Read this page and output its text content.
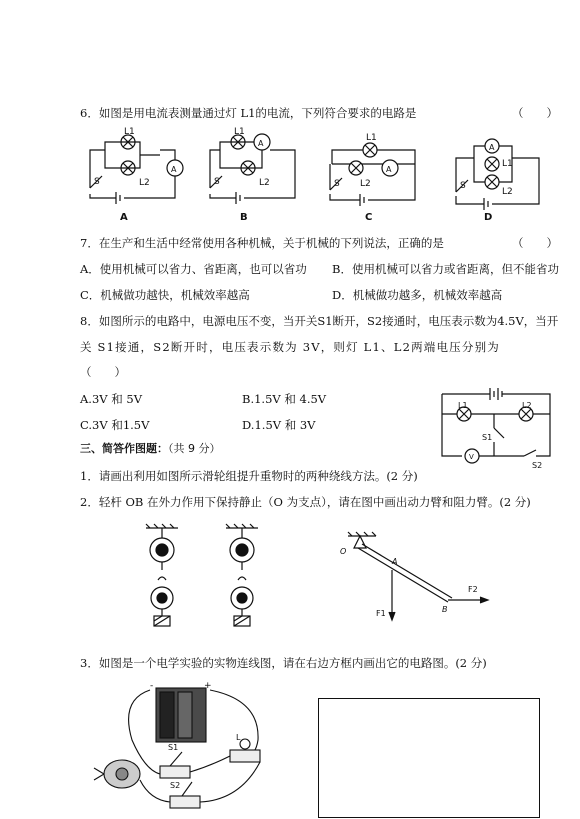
6．如图是用电流表测量通过灯 L1的电流，下列符合要求的电路是	（　　）
L1
L2
S
A
A
L1
L2
S
A
B
L1
L2
S
A
C
A
L1
L2
S
D
7．在生产和生活中经常使用各种机械，关于机械的下列说法，正确的是	（　　）
A．使用机械可以省力、省距离，也可以省功 B．使用机械可以省力或省距离，但不能省功
C．机械做功越快，机械效率越高	D．机械做功越多，机械效率越高
8．如图所示的电路中，电源电压不变，当开关S1断开，S2接通时，电压表示数为4.5V，当开
关 S1接通，S2断开时，电压表示数为 3V，则灯 L1、L2两端电压分别为
（　　）
A.3V 和 5V	B.1.5V 和 4.5V
C.3V 和1.5V	D.1.5V 和 3V
L1	L2
S1
S2
V
三、简答作图题：（共 9 分）
1．请画出利用如图所示滑轮组提升重物时的两种绕线方法。(2 分)
2．轻杆 OB 在外力作用下保持静止（O 为支点），请在图中画出动力臂和阻力臂。(2 分)
O
A
B
F1
F2
3．如图是一个电学实验的实物连线图，请在右边方框内画出它的电路图。(2 分)
S1
S2
L
-	+
